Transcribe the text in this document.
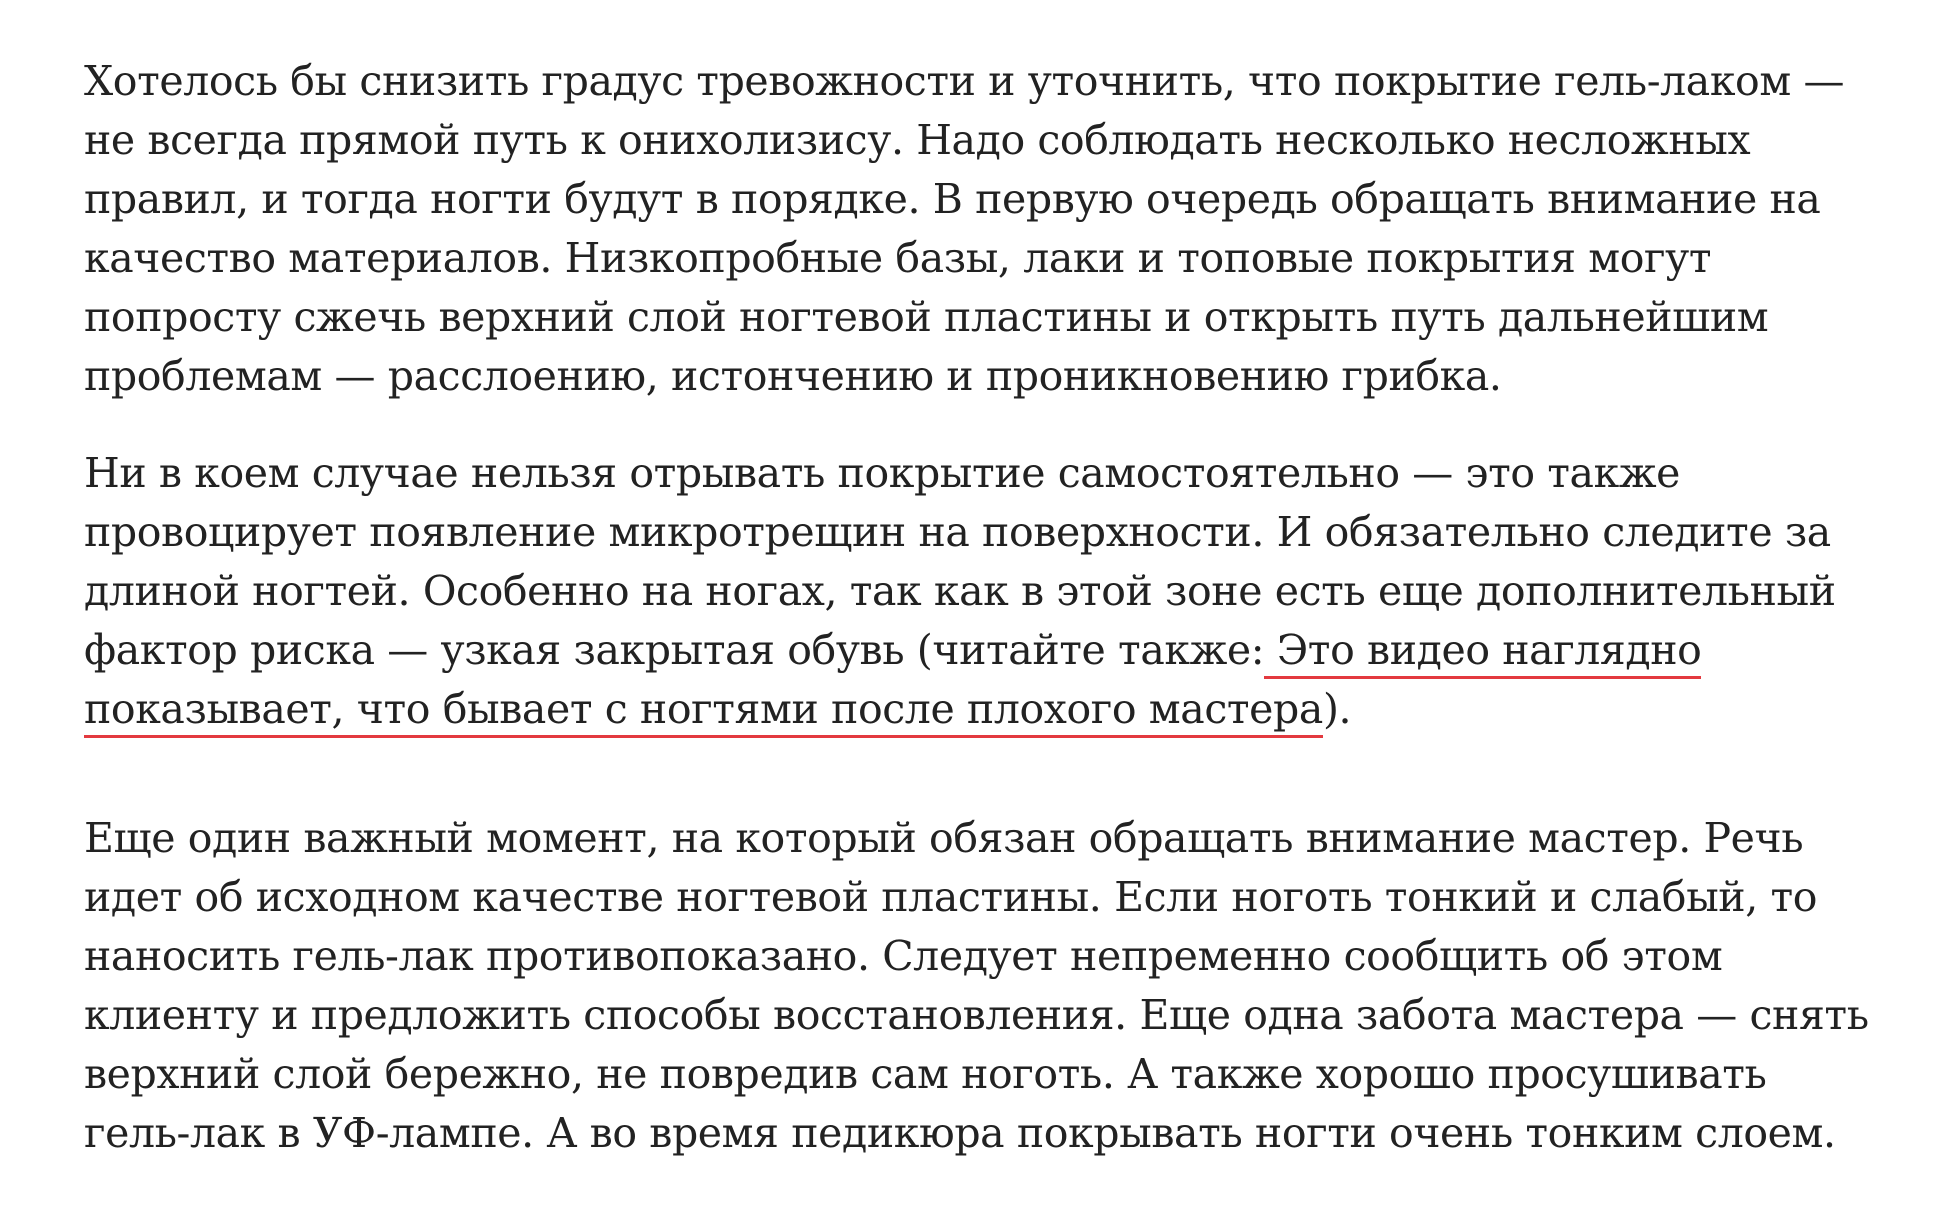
Хотелось бы снизить градус тревожности и уточнить, что покрытие гель-лаком — не всегда прямой путь к онихолизису. Надо соблюдать несколько несложных правил, и тогда ногти будут в порядке. В первую очередь обращать внимание на качество материалов. Низкопробные базы, лаки и топовые покрытия могут попросту сжечь верхний слой ногтевой пластины и открыть путь дальнейшим проблемам — расслоению, истончению и проникновению грибка.

Ни в коем случае нельзя отрывать покрытие самостоятельно — это также провоцирует появление микротрещин на поверхности. И обязательно следите за длиной ногтей. Особенно на ногах, так как в этой зоне есть еще дополнительный фактор риска — узкая закрытая обувь (читайте также: Это видео наглядно показывает, что бывает с ногтями после плохого мастера).

Еще один важный момент, на который обязан обращать внимание мастер. Речь идет об исходном качестве ногтевой пластины. Если ноготь тонкий и слабый, то наносить гель-лак противопоказано. Следует непременно сообщить об этом клиенту и предложить способы восстановления. Еще одна забота мастера — снять верхний слой бережно, не повредив сам ноготь. А также хорошо просушивать гель-лак в УФ-лампе. А во время педикюра покрывать ногти очень тонким слоем.
